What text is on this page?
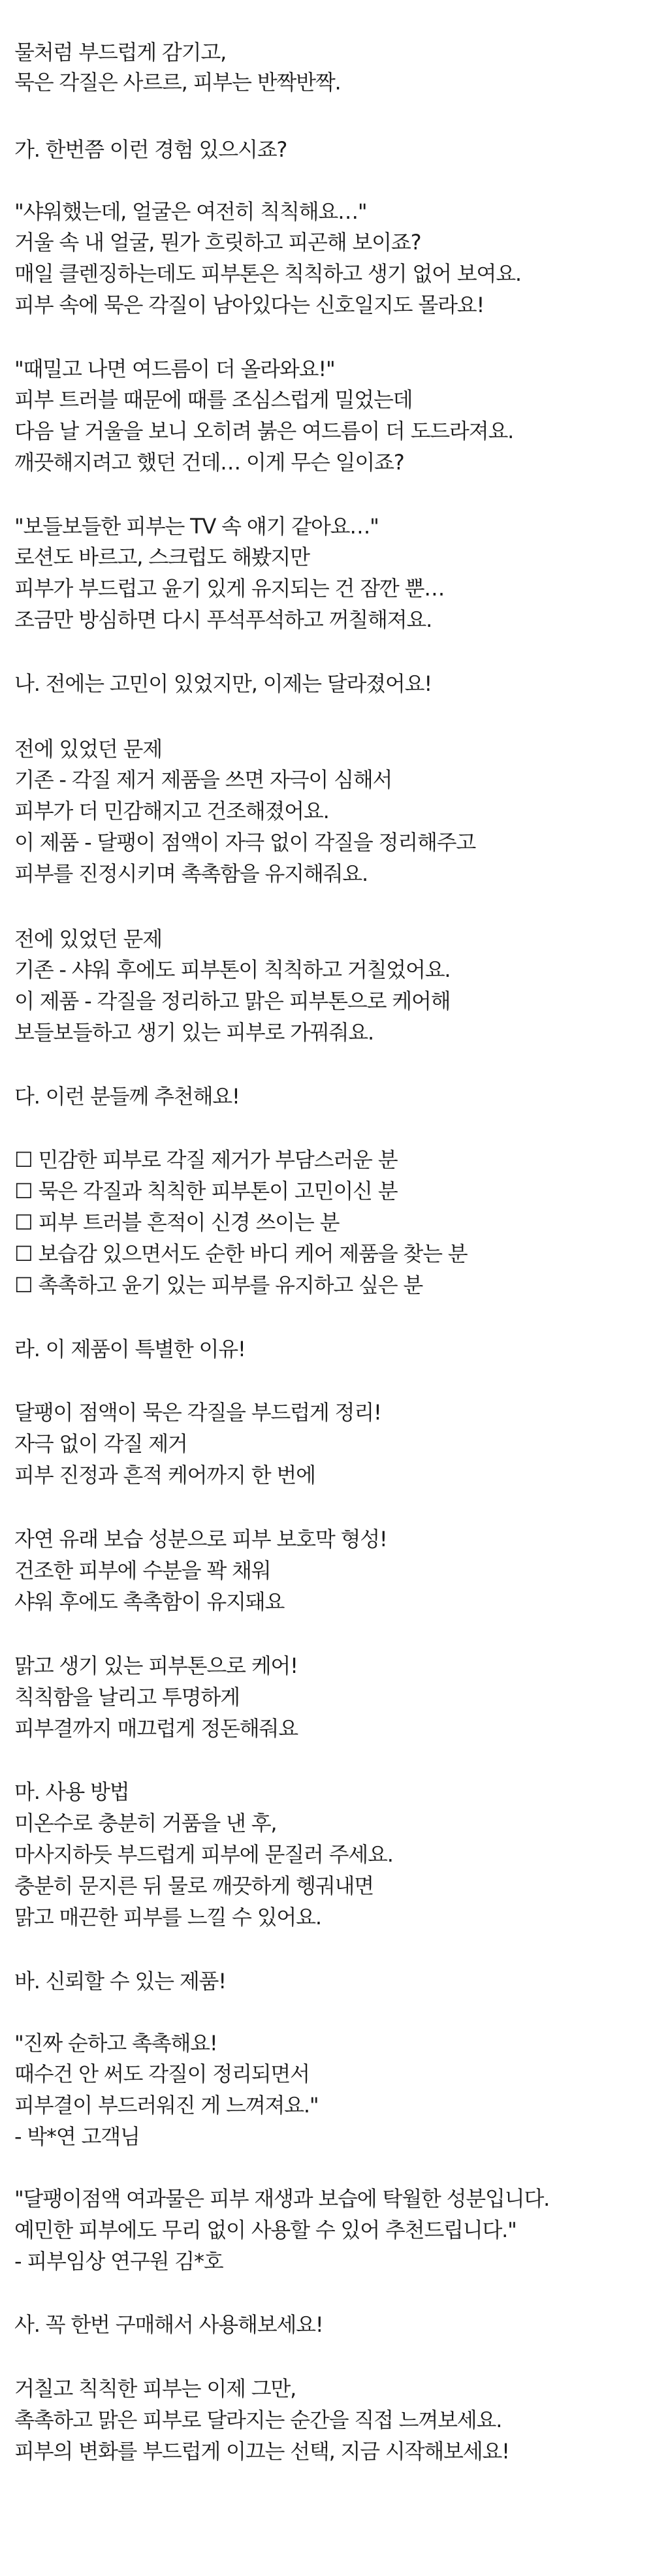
물처럼 부드럽게 감기고,
묵은 각질은 사르르, 피부는 반짝반짝.
가. 한번쯤 이런 경험 있으시죠?
"샤워했는데, 얼굴은 여전히 칙칙해요…"
거울 속 내 얼굴, 뭔가 흐릿하고 피곤해 보이죠?
매일 클렌징하는데도 피부톤은 칙칙하고 생기 없어 보여요.
피부 속에 묵은 각질이 남아있다는 신호일지도 몰라요!
"때밀고 나면 여드름이 더 올라와요!"
피부 트러블 때문에 때를 조심스럽게 밀었는데
다음 날 거울을 보니 오히려 붉은 여드름이 더 도드라져요.
깨끗해지려고 했던 건데… 이게 무슨 일이죠?
"보들보들한 피부는 TV 속 얘기 같아요…"
로션도 바르고, 스크럽도 해봤지만
피부가 부드럽고 윤기 있게 유지되는 건 잠깐 뿐…
조금만 방심하면 다시 푸석푸석하고 꺼칠해져요.
나. 전에는 고민이 있었지만, 이제는 달라졌어요!
전에 있었던 문제
기존 - 각질 제거 제품을 쓰면 자극이 심해서
피부가 더 민감해지고 건조해졌어요.
이 제품 - 달팽이 점액이 자극 없이 각질을 정리해주고
피부를 진정시키며 촉촉함을 유지해줘요.
전에 있었던 문제
기존 - 샤워 후에도 피부톤이 칙칙하고 거칠었어요.
이 제품 - 각질을 정리하고 맑은 피부톤으로 케어해
보들보들하고 생기 있는 피부로 가꿔줘요.
다. 이런 분들께 추천해요!
☐ 민감한 피부로 각질 제거가 부담스러운 분
☐ 묵은 각질과 칙칙한 피부톤이 고민이신 분
☐ 피부 트러블 흔적이 신경 쓰이는 분
☐ 보습감 있으면서도 순한 바디 케어 제품을 찾는 분
☐ 촉촉하고 윤기 있는 피부를 유지하고 싶은 분
라. 이 제품이 특별한 이유!
달팽이 점액이 묵은 각질을 부드럽게 정리!
자극 없이 각질 제거
피부 진정과 흔적 케어까지 한 번에
자연 유래 보습 성분으로 피부 보호막 형성!
건조한 피부에 수분을 꽉 채워
샤워 후에도 촉촉함이 유지돼요
맑고 생기 있는 피부톤으로 케어!
칙칙함을 날리고 투명하게
피부결까지 매끄럽게 정돈해줘요
마. 사용 방법
미온수로 충분히 거품을 낸 후,
마사지하듯 부드럽게 피부에 문질러 주세요.
충분히 문지른 뒤 물로 깨끗하게 헹궈내면
맑고 매끈한 피부를 느낄 수 있어요.
바. 신뢰할 수 있는 제품!
"진짜 순하고 촉촉해요!
때수건 안 써도 각질이 정리되면서
피부결이 부드러워진 게 느껴져요."
- 박*연 고객님
"달팽이점액 여과물은 피부 재생과 보습에 탁월한 성분입니다.
예민한 피부에도 무리 없이 사용할 수 있어 추천드립니다."
- 피부임상 연구원 김*호
사. 꼭 한번 구매해서 사용해보세요!
거칠고 칙칙한 피부는 이제 그만,
촉촉하고 맑은 피부로 달라지는 순간을 직접 느껴보세요.
피부의 변화를 부드럽게 이끄는 선택, 지금 시작해보세요!
